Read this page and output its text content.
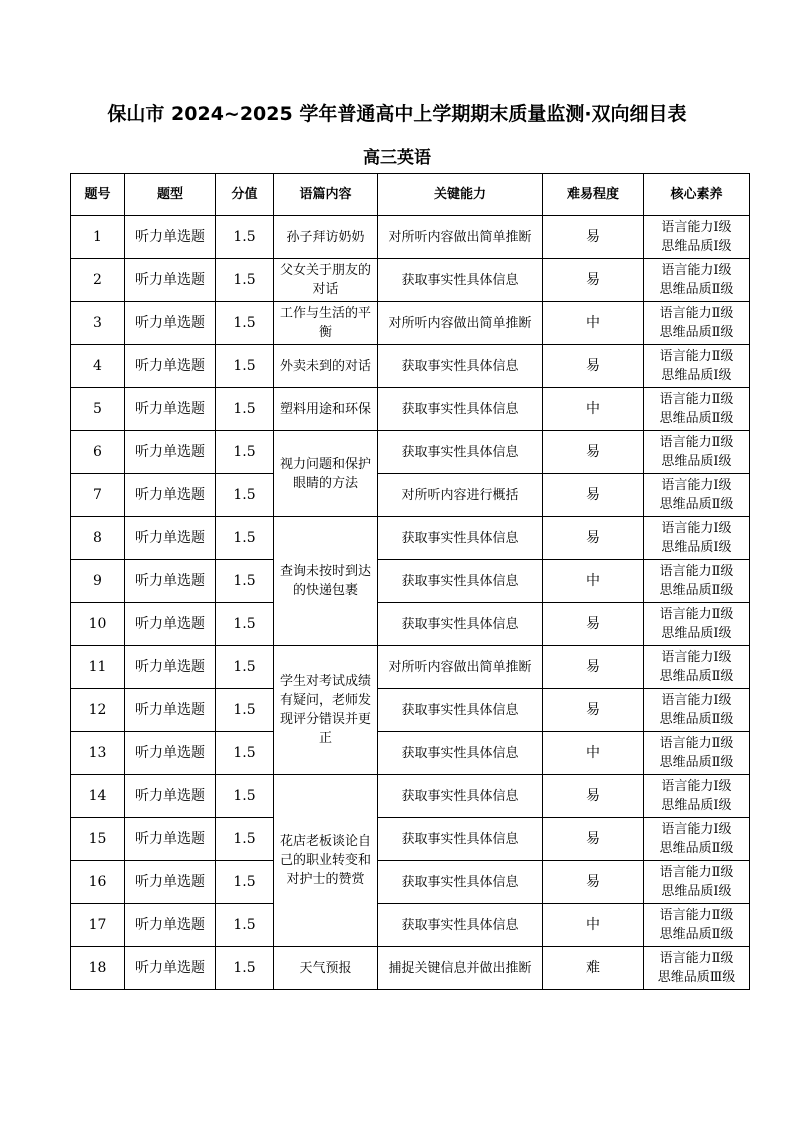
保山市 2024~2025 学年普通高中上学期期末质量监测·双向细目表
高三英语
题号	题型	分值	语篇内容	关键能力	难易程度	核心素养
1	听力单选题	1.5	孙子拜访奶奶	对所听内容做出简单推断	易	语言能力Ⅰ级
思维品质Ⅰ级

2	听力单选题	1.5	父女关于朋友的对话	获取事实性具体信息	易	语言能力Ⅰ级
思维品质Ⅱ级

3	听力单选题	1.5	工作与生活的平衡	对所听内容做出简单推断	中	语言能力Ⅱ级
思维品质Ⅱ级

4	听力单选题	1.5	外卖未到的对话	获取事实性具体信息	易	语言能力Ⅱ级
思维品质Ⅰ级

5	听力单选题	1.5	塑料用途和环保	获取事实性具体信息	中	语言能力Ⅱ级
思维品质Ⅱ级

6	听力单选题	1.5	视力问题和保护眼睛的方法	获取事实性具体信息	易	语言能力Ⅱ级
思维品质Ⅰ级

7	听力单选题	1.5		对所听内容进行概括	易	语言能力Ⅰ级
思维品质Ⅱ级

8	听力单选题	1.5	查询未按时到达的快递包裹	获取事实性具体信息	易	语言能力Ⅰ级
思维品质Ⅰ级

9	听力单选题	1.5		获取事实性具体信息	中	语言能力Ⅱ级
思维品质Ⅱ级

10	听力单选题	1.5		获取事实性具体信息	易	语言能力Ⅱ级
思维品质Ⅰ级

11	听力单选题	1.5	学生对考试成绩有疑问，老师发现评分错误并更正	对所听内容做出简单推断	易	语言能力Ⅰ级
思维品质Ⅱ级

12	听力单选题	1.5		获取事实性具体信息	易	语言能力Ⅰ级
思维品质Ⅱ级

13	听力单选题	1.5		获取事实性具体信息	中	语言能力Ⅱ级
思维品质Ⅱ级

14	听力单选题	1.5	花店老板谈论自己的职业转变和对护士的赞赏	获取事实性具体信息	易	语言能力Ⅰ级
思维品质Ⅰ级

15	听力单选题	1.5		获取事实性具体信息	易	语言能力Ⅰ级
思维品质Ⅱ级

16	听力单选题	1.5		获取事实性具体信息	易	语言能力Ⅱ级
思维品质Ⅰ级

17	听力单选题	1.5		获取事实性具体信息	中	语言能力Ⅱ级
思维品质Ⅱ级

18	听力单选题	1.5	天气预报	捕捉关键信息并做出推断	难	语言能力Ⅱ级
思维品质Ⅲ级
